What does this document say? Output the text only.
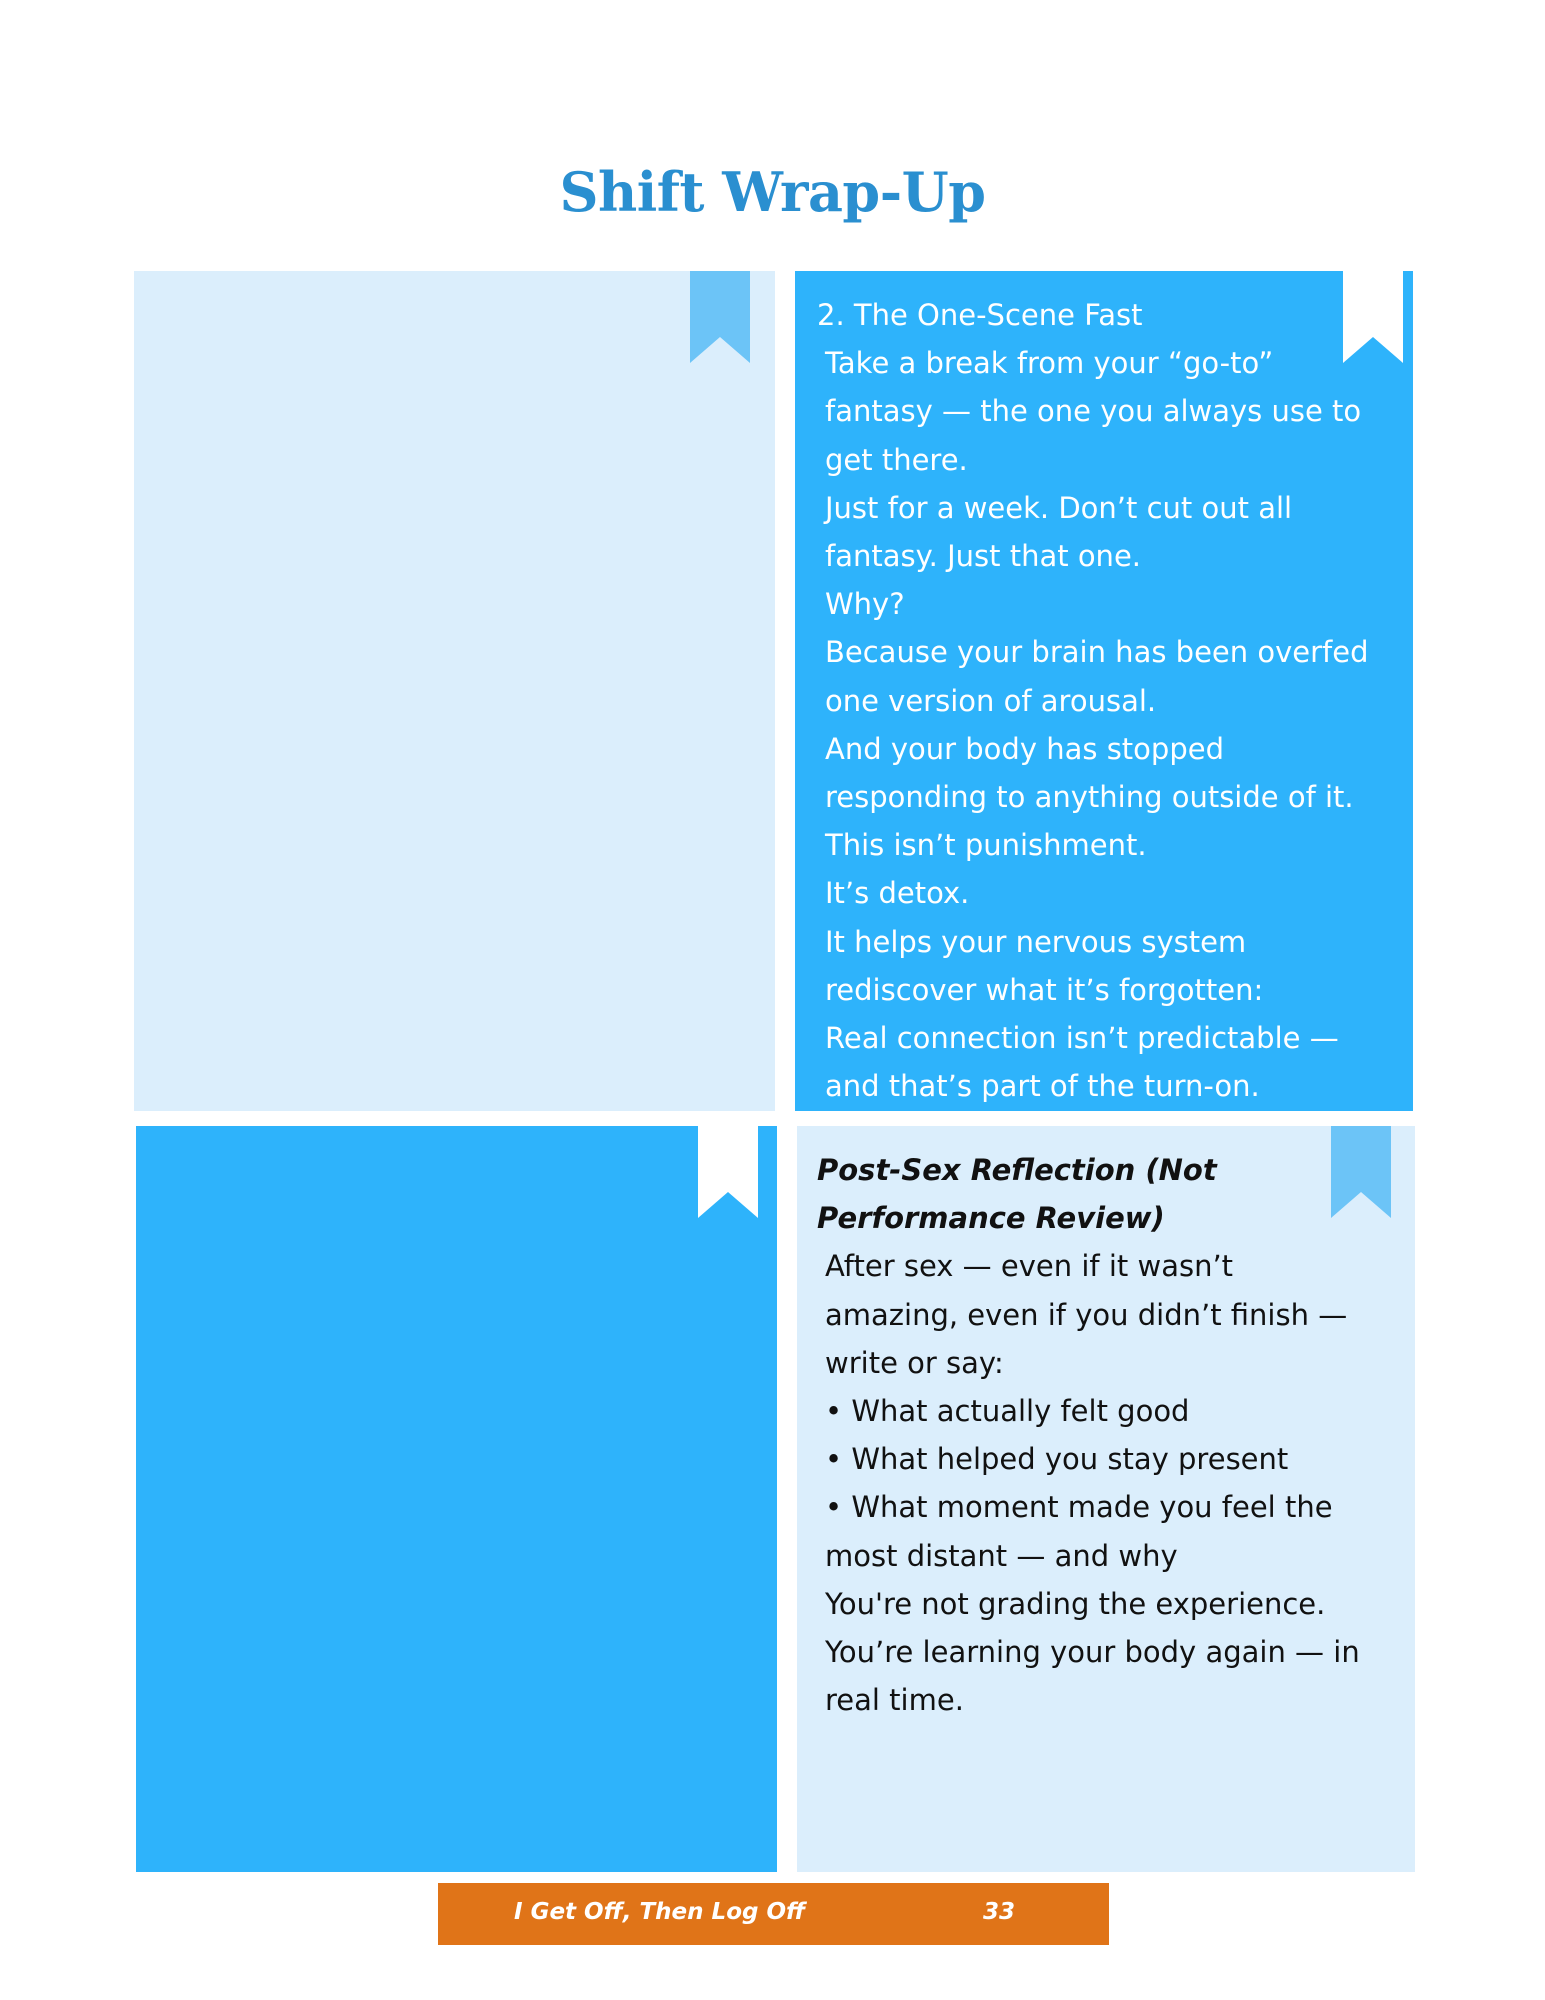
Shift Wrap-Up

2. The One-Scene Fast

Take a break from your “go-to” fantasy — the one you always use to get there.

Just for a week. Don’t cut out all fantasy. Just that one.

Why?

Because your brain has been overfed one version of arousal.

And your body has stopped responding to anything outside of it.

This isn’t punishment.

It’s detox.

It helps your nervous system rediscover what it’s forgotten:

Real connection isn’t predictable — and that’s part of the turn-on.

Post-Sex Reflection (Not Performance Review)

After sex — even if it wasn’t amazing, even if you didn’t finish — write or say:

• What actually felt good

• What helped you stay present

• What moment made you feel the most distant — and why

You're not grading the experience.

You’re learning your body again — in real time.

I Get Off, Then Log Off	33
